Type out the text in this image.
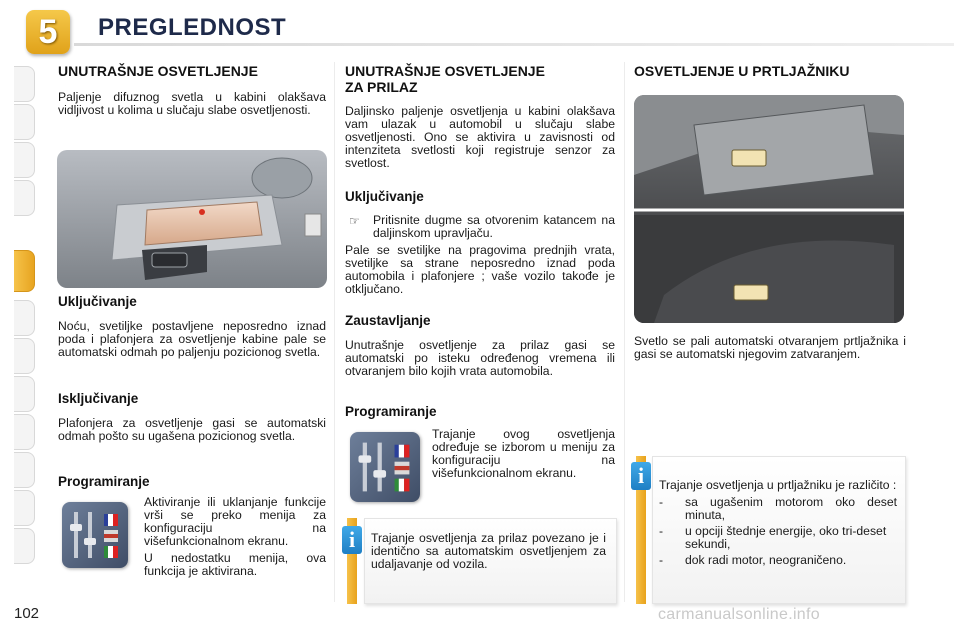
5 PREGLEDNOST
UNUTRAŠNJE OSVETLJENJE

Paljenje difuznog svetla u kabini olakšava vidljivost u kolima u slučaju slabe osvetljenosti.

Uključivanje

Noću, svetiljke postavljene neposredno iznad poda i plafonjera za osvetljenje kabine pale se automatski odmah po paljenju pozicionog svetla.

Isključivanje

Plafonjera za osvetljenje gasi se automatski odmah pošto su ugašena pozicionog svetla.

Programiranje

Aktiviranje ili uklanjanje funkcije vrši se preko menija za konfiguraciju na višefunkcionalnom ekranu.

U nedostatku menija, ova funkcija je aktivirana.

UNUTRAŠNJE OSVETLJENJE
ZA PRILAZ

Daljinsko paljenje osvetljenja u kabini olakšava vam ulazak u automobil u slučaju slabe osvetljenosti. Ono se aktivira u zavisnosti od intenziteta svetlosti koji registruje senzor za svetlost.

Uključivanje
☞	Pritisnite dugme sa otvorenim katancem na daljinskom upravljaču.

Pale se svetiljke na pragovima prednjih vrata, svetiljke sa strane neposredno iznad poda automobila i plafonjere ; vaše vozilo takođe je otključano.

Zaustavljanje

Unutrašnje osvetljenje za prilaz gasi se automatski po isteku određenog vremena ili otvaranjem bilo kojih vrata automobila.

Programiranje

Trajanje ovog osvetljenja određuje se izborom u meniju za konfiguraciju na višefunkcionalnom ekranu.

i	Trajanje osvetljenja za prilaz povezano je i identično sa automatskim osvetljenjem za udaljavanje od vozila.

OSVETLJENJE U PRTLJAŽNIKU

Svetlo se pali automatski otvaranjem prtljažnika i gasi se automatski njegovim zatvaranjem.

i	Trajanje osvetljenja u prtljažniku je različito :

-	sa ugašenim motorom oko deset minuta,
-	u opciji štednje energije, oko tri-deset sekundi,
-	dok radi motor, neograničeno.
102	carmanualsonline.info
